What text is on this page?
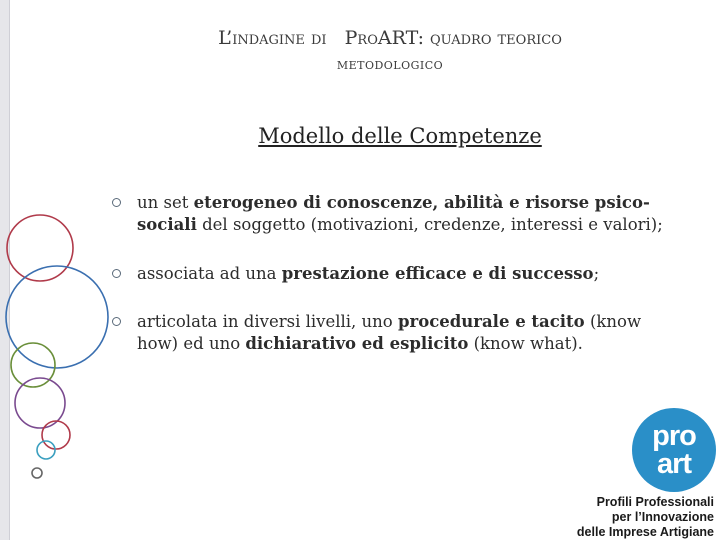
L’indagine di ProART: quadro teorico
metodologico
Modello delle Competenze
un set eterogeneo di conoscenze, abilità e risorse psico-sociali del soggetto (motivazioni, credenze, interessi e valori);
associata ad una prestazione efficace e di successo;
articolata in diversi livelli, uno procedurale e tacito (know how) ed uno dichiarativo ed esplicito (know what).
pro
art
Profili Professionali
per l’Innovazione
delle Imprese Artigiane
